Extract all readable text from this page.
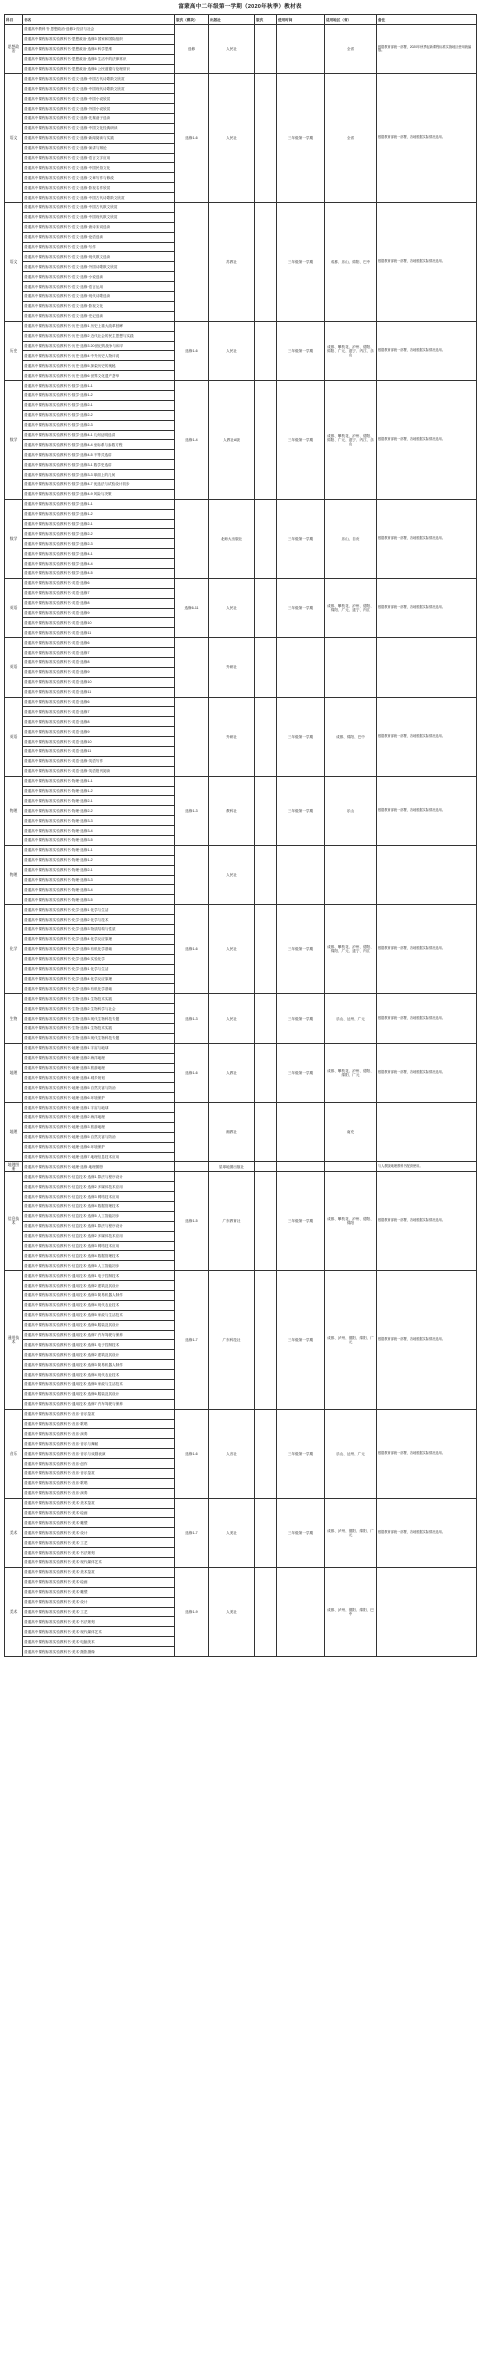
富蒙高中二年级第一学期（2020年秋季）教材表
科目	书名	版次（模块）	出版社	版次	使用时间	适用地区（省）	备注
思想政治	普通高中教科书·思想政治·选修1·经济与社会	选修	人民社			全省	根据教育部统一部署，2020年秋季起新课程标准实施地区使用统编版。
	普通高中课程标准实验教科书·思想政治·选修3 国家和国际组织						
	普通高中课程标准实验教科书·思想政治·选修4 科学思维						
	普通高中课程标准实验教科书·思想政治·选修5 生活中的法律常识						
	普通高中课程标准实验教科书·思想政治·选修6 公民道德与伦理常识						
语文	普通高中课程标准实验教科书·语文·选修·中国古代诗歌散文欣赏	选修1-6	人民社		三年级第一学期	全省	根据教育部统一部署，各地根据实际情况选用。
	普通高中课程标准实验教科书·语文·选修·中国现代诗歌散文欣赏						
	普通高中课程标准实验教科书·语文·选修·中国小说欣赏						
	普通高中课程标准实验教科书·语文·选修·外国小说欣赏						
	普通高中课程标准实验教科书·语文·选修·先秦诸子选读						
	普通高中课程标准实验教科书·语文·选修·中国文化经典研读						
	普通高中课程标准实验教科书·语文·选修·新闻阅读与实践						
	普通高中课程标准实验教科书·语文·选修·演讲与辩论						
	普通高中课程标准实验教科书·语文·选修·语言文字应用						
	普通高中课程标准实验教科书·语文·选修·中国民俗文化						
	普通高中课程标准实验教科书·语文·选修·文章写作与修改						
	普通高中课程标准实验教科书·语文·选修·影视名作欣赏						
	普通高中课程标准实验教科书·语文·选修·中国古代诗歌散文欣赏						
语文	普通高中课程标准实验教科书·语文·选修·中国古代散文欣赏		苏教社		三年级第一学期	成都、乐山、绵阳、巴中	根据教育部统一部署，各地根据实际情况选用。
	普通高中课程标准实验教科书·语文·选修·中国现代散文欣赏						
	普通高中课程标准实验教科书·语文·选修·唐诗宋词选读						
	普通高中课程标准实验教科书·语文·选修·论语选读						
	普通高中课程标准实验教科书·语文·选修·写作						
	普通高中课程标准实验教科书·语文·选修·现代散文选读						
	普通高中课程标准实验教科书·语文·选修·外国诗歌散文欣赏						
	普通高中课程标准实验教科书·语文·选修·小说选读						
	普通高中课程标准实验教科书·语文·选修·语言运用						
	普通高中课程标准实验教科书·语文·选修·现代诗歌选读						
	普通高中课程标准实验教科书·语文·选修·影视文化						
	普通高中课程标准实验教科书·语文·选修·史记选读						
历史	普通高中课程标准实验教科书·历史·选修1 历史上重大改革回眸	选修1-6	人民社		三年级第一学期	成都、攀枝花、泸州、德阳、绵阳、广元、遂宁、内江、乐山	根据教育部统一部署，各地根据实际情况选用。
	普通高中课程标准实验教科书·历史·选修2 近代社会的民主思想与实践						
	普通高中课程标准实验教科书·历史·选修3 20世纪的战争与和平						
	普通高中课程标准实验教科书·历史·选修4 中外历史人物评说						
	普通高中课程标准实验教科书·历史·选修5 探索历史的奥秘						
	普通高中课程标准实验教科书·历史·选修6 世界文化遗产荟萃						
数学	普通高中课程标准实验教科书·数学·选修1-1	选修1-4	人教社A版		三年级第一学期	成都、攀枝花、泸州、德阳、绵阳、广元、遂宁、内江、乐山	根据教育部统一部署，各地根据实际情况选用。
	普通高中课程标准实验教科书·数学·选修1-2						
	普通高中课程标准实验教科书·数学·选修2-1						
	普通高中课程标准实验教科书·数学·选修2-2						
	普通高中课程标准实验教科书·数学·选修2-3						
	普通高中课程标准实验教科书·数学·选修4-1 几何证明选讲						
	普通高中课程标准实验教科书·数学·选修4-4 坐标系与参数方程						
	普通高中课程标准实验教科书·数学·选修4-5 不等式选讲						
	普通高中课程标准实验教科书·数学·选修3-1 数学史选讲						
	普通高中课程标准实验教科书·数学·选修3-3 球面上的几何						
	普通高中课程标准实验教科书·数学·选修4-7 优选法与试验设计初步						
	普通高中课程标准实验教科书·数学·选修4-9 风险与决策						
数学	普通高中课程标准实验教科书·数学·选修1-1		北师大出版社		三年级第一学期	乐山、自贡	根据教育部统一部署，各地根据实际情况选用。
	普通高中课程标准实验教科书·数学·选修1-2						
	普通高中课程标准实验教科书·数学·选修2-1						
	普通高中课程标准实验教科书·数学·选修2-2						
	普通高中课程标准实验教科书·数学·选修2-3						
	普通高中课程标准实验教科书·数学·选修4-1						
	普通高中课程标准实验教科书·数学·选修4-4						
	普通高中课程标准实验教科书·数学·选修4-5						
英语	普通高中课程标准实验教科书·英语·选修6	选修6-11	人民社		三年级第一学期	成都、攀枝花、泸州、德阳、绵阳、广元、遂宁、内江	根据教育部统一部署，各地根据实际情况选用。
	普通高中课程标准实验教科书·英语·选修7						
	普通高中课程标准实验教科书·英语·选修8						
	普通高中课程标准实验教科书·英语·选修9						
	普通高中课程标准实验教科书·英语·选修10						
	普通高中课程标准实验教科书·英语·选修11						
英语	普通高中课程标准实验教科书·英语·选修6		外研社				
	普通高中课程标准实验教科书·英语·选修7						
	普通高中课程标准实验教科书·英语·选修8						
	普通高中课程标准实验教科书·英语·选修9						
	普通高中课程标准实验教科书·英语·选修10						
	普通高中课程标准实验教科书·英语·选修11						
英语	普通高中课程标准实验教科书·英语·选修6		外研社		三年级第一学期	成都、绵阳、巴中	根据教育部统一部署，各地根据实际情况选用。
	普通高中课程标准实验教科书·英语·选修7						
	普通高中课程标准实验教科书·英语·选修8						
	普通高中课程标准实验教科书·英语·选修9						
	普通高中课程标准实验教科书·英语·选修10						
	普通高中课程标准实验教科书·英语·选修11						
	普通高中课程标准实验教科书·英语·选修·英语写作						
	普通高中课程标准实验教科书·英语·选修·英语报刊阅读						
物理	普通高中课程标准实验教科书·物理·选修1-1	选修1-3	教科社		三年级第一学期	乐山	根据教育部统一部署，各地根据实际情况选用。
	普通高中课程标准实验教科书·物理·选修1-2						
	普通高中课程标准实验教科书·物理·选修2-1						
	普通高中课程标准实验教科书·物理·选修2-2						
	普通高中课程标准实验教科书·物理·选修3-3						
	普通高中课程标准实验教科书·物理·选修3-4						
	普通高中课程标准实验教科书·物理·选修3-5						
物理	普通高中课程标准实验教科书·物理·选修1-1		人民社				
	普通高中课程标准实验教科书·物理·选修1-2						
	普通高中课程标准实验教科书·物理·选修2-1						
	普通高中课程标准实验教科书·物理·选修3-3						
	普通高中课程标准实验教科书·物理·选修3-4						
	普通高中课程标准实验教科书·物理·选修3-5						
化学	普通高中课程标准实验教科书·化学·选修1 化学与生活	选修1-6	人民社		三年级第一学期	成都、攀枝花、泸州、德阳、绵阳、广元、遂宁、内江	根据教育部统一部署，各地根据实际情况选用。
	普通高中课程标准实验教科书·化学·选修2 化学与技术						
	普通高中课程标准实验教科书·化学·选修3 物质结构与性质						
	普通高中课程标准实验教科书·化学·选修4 化学反应原理						
	普通高中课程标准实验教科书·化学·选修5 有机化学基础						
	普通高中课程标准实验教科书·化学·选修6 实验化学						
	普通高中课程标准实验教科书·化学·选修1 化学与生活						
	普通高中课程标准实验教科书·化学·选修4 化学反应原理						
	普通高中课程标准实验教科书·化学·选修5 有机化学基础						
生物	普通高中课程标准实验教科书·生物·选修1 生物技术实践	选修1-3	人民社		三年级第一学期	乐山、达州、广元	根据教育部统一部署，各地根据实际情况选用。
	普通高中课程标准实验教科书·生物·选修2 生物科学与社会						
	普通高中课程标准实验教科书·生物·选修3 现代生物科技专题						
	普通高中课程标准实验教科书·生物·选修1 生物技术实践						
	普通高中课程标准实验教科书·生物·选修3 现代生物科技专题						
地理	普通高中课程标准实验教科书·地理·选修1 宇宙与地球	选修1-6	人教社		三年级第一学期	成都、攀枝花、泸州、德阳、绵阳、广元	根据教育部统一部署，各地根据实际情况选用。
	普通高中课程标准实验教科书·地理·选修2 海洋地理						
	普通高中课程标准实验教科书·地理·选修3 旅游地理						
	普通高中课程标准实验教科书·地理·选修4 城乡规划						
	普通高中课程标准实验教科书·地理·选修5 自然灾害与防治						
	普通高中课程标准实验教科书·地理·选修6 环境保护						
地理	普通高中课程标准实验教科书·地理·选修1 宇宙与地球		湘教社			南充	
	普通高中课程标准实验教科书·地理·选修2 海洋地理						
	普通高中课程标准实验教科书·地理·选修3 旅游地理						
	普通高中课程标准实验教科书·地理·选修5 自然灾害与防治						
	普通高中课程标准实验教科书·地理·选修6 环境保护						
	普通高中课程标准实验教科书·地理·选修7 地理信息技术应用						
地理图册	普通高中课程标准实验教科书·地理·选修 地理图册		星球地图出版社				与人教版地理教科书配套使用。
信息技术	普通高中课程标准实验教科书·信息技术·选修1 算法与程序设计	选修1-5	广东教育社		三年级第一学期	成都、攀枝花、泸州、德阳、绵阳	根据教育部统一部署，各地根据实际情况选用。
	普通高中课程标准实验教科书·信息技术·选修2 多媒体技术应用						
	普通高中课程标准实验教科书·信息技术·选修3 网络技术应用						
	普通高中课程标准实验教科书·信息技术·选修4 数据管理技术						
	普通高中课程标准实验教科书·信息技术·选修5 人工智能初步						
	普通高中课程标准实验教科书·信息技术·选修1 算法与程序设计						
	普通高中课程标准实验教科书·信息技术·选修2 多媒体技术应用						
	普通高中课程标准实验教科书·信息技术·选修3 网络技术应用						
	普通高中课程标准实验教科书·信息技术·选修4 数据管理技术						
	普通高中课程标准实验教科书·信息技术·选修5 人工智能初步						
通用技术	普通高中课程标准实验教科书·通用技术·选修1 电子控制技术	选修1-7	广东科技社		三年级第一学期	成都、泸州、德阳、绵阳、广元	根据教育部统一部署，各地根据实际情况选用。
	普通高中课程标准实验教科书·通用技术·选修2 建筑及其设计						
	普通高中课程标准实验教科书·通用技术·选修3 简易机器人制作						
	普通高中课程标准实验教科书·通用技术·选修4 现代农业技术						
	普通高中课程标准实验教科书·通用技术·选修5 家政与生活技术						
	普通高中课程标准实验教科书·通用技术·选修6 服装及其设计						
	普通高中课程标准实验教科书·通用技术·选修7 汽车驾驶与保养						
	普通高中课程标准实验教科书·通用技术·选修1 电子控制技术						
	普通高中课程标准实验教科书·通用技术·选修2 建筑及其设计						
	普通高中课程标准实验教科书·通用技术·选修3 简易机器人制作						
	普通高中课程标准实验教科书·通用技术·选修4 现代农业技术						
	普通高中课程标准实验教科书·通用技术·选修5 家政与生活技术						
	普通高中课程标准实验教科书·通用技术·选修6 服装及其设计						
	普通高中课程标准实验教科书·通用技术·选修7 汽车驾驶与保养						
音乐	普通高中课程标准实验教科书·音乐·音乐鉴赏	选修1-6	人音社		三年级第一学期	乐山、达州、广元	根据教育部统一部署，各地根据实际情况选用。
	普通高中课程标准实验教科书·音乐·歌唱						
	普通高中课程标准实验教科书·音乐·演奏						
	普通高中课程标准实验教科书·音乐·音乐与舞蹈						
	普通高中课程标准实验教科书·音乐·音乐与戏剧表演						
	普通高中课程标准实验教科书·音乐·创作						
	普通高中课程标准实验教科书·音乐·音乐鉴赏						
	普通高中课程标准实验教科书·音乐·歌唱						
	普通高中课程标准实验教科书·音乐·演奏						
美术	普通高中课程标准实验教科书·美术·美术鉴赏	选修1-7	人美社		三年级第一学期	成都、泸州、德阳、绵阳、广元	根据教育部统一部署，各地根据实际情况选用。
	普通高中课程标准实验教科书·美术·绘画						
	普通高中课程标准实验教科书·美术·雕塑						
	普通高中课程标准实验教科书·美术·设计						
	普通高中课程标准实验教科书·美术·工艺						
	普通高中课程标准实验教科书·美术·书法篆刻						
	普通高中课程标准实验教科书·美术·现代媒体艺术						
美术	普通高中课程标准实验教科书·美术·美术鉴赏	选修1-9	人美社			成都、泸州、德阳、绵阳、巴中	
	普通高中课程标准实验教科书·美术·绘画						
	普通高中课程标准实验教科书·美术·雕塑						
	普通高中课程标准实验教科书·美术·设计						
	普通高中课程标准实验教科书·美术·工艺						
	普通高中课程标准实验教科书·美术·书法篆刻						
	普通高中课程标准实验教科书·美术·现代媒体艺术						
	普通高中课程标准实验教科书·美术·电脑美术						
	普通高中课程标准实验教科书·美术·摄影摄像						
